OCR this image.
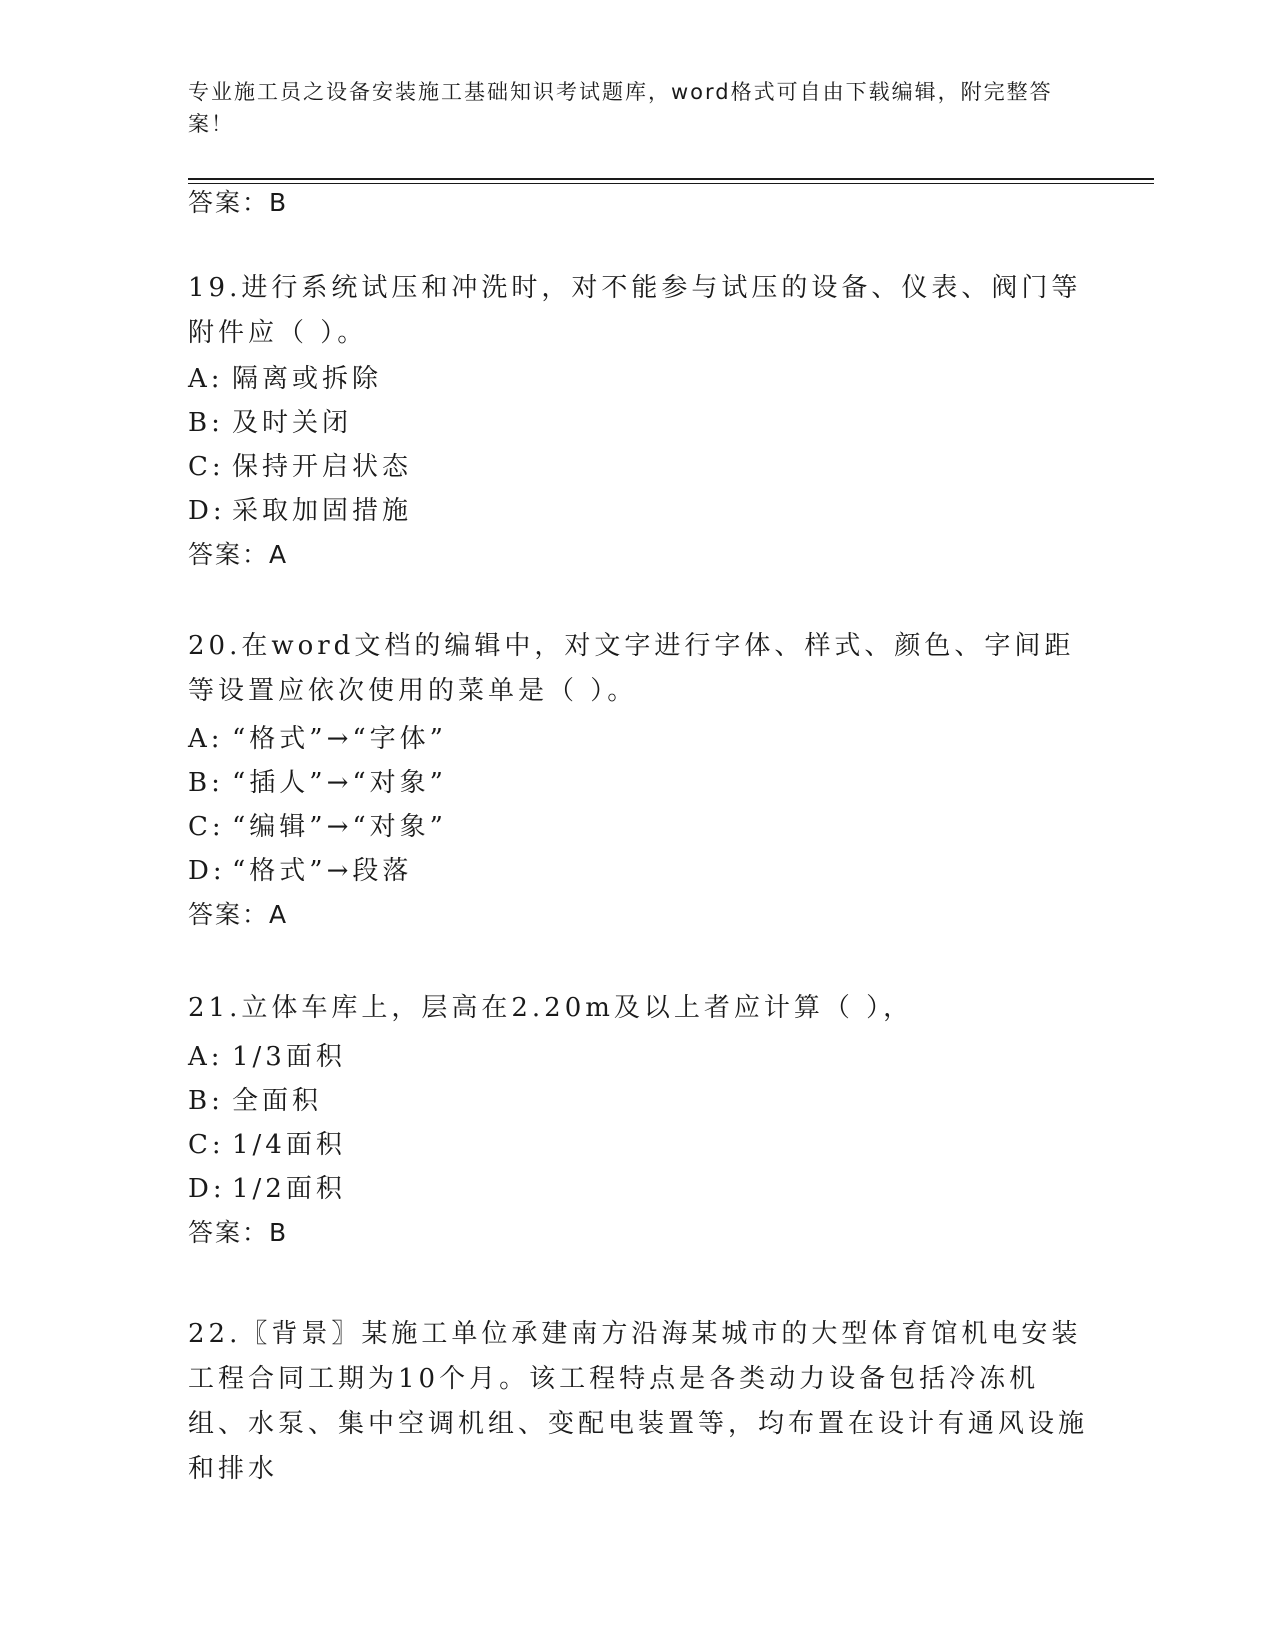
专业施工员之设备安装施工基础知识考试题库，word格式可自由下载编辑，附完整答案！
答案：B
19.进行系统试压和冲洗时，对不能参与试压的设备、仪表、阀门等附件应（ ）。
A: 隔离或拆除
B: 及时关闭
C: 保持开启状态
D: 采取加固措施
答案：A
20.在word文档的编辑中，对文字进行字体、样式、颜色、字间距等设置应依次使用的菜单是（ ）。
A: “格式”→“字体”
B: “插人”→“对象”
C: “编辑”→“对象”
D: “格式”→段落
答案：A
21.立体车库上，层高在2.20m及以上者应计算（ ），
A: 1/3面积
B: 全面积
C: 1/4面积
D: 1/2面积
答案：B
22.〖背景〗某施工单位承建南方沿海某城市的大型体育馆机电安装工程合同工期为10个月。该工程特点是各类动力设备包括冷冻机组、水泵、集中空调机组、变配电装置等，均布置在设计有通风设施和排水
